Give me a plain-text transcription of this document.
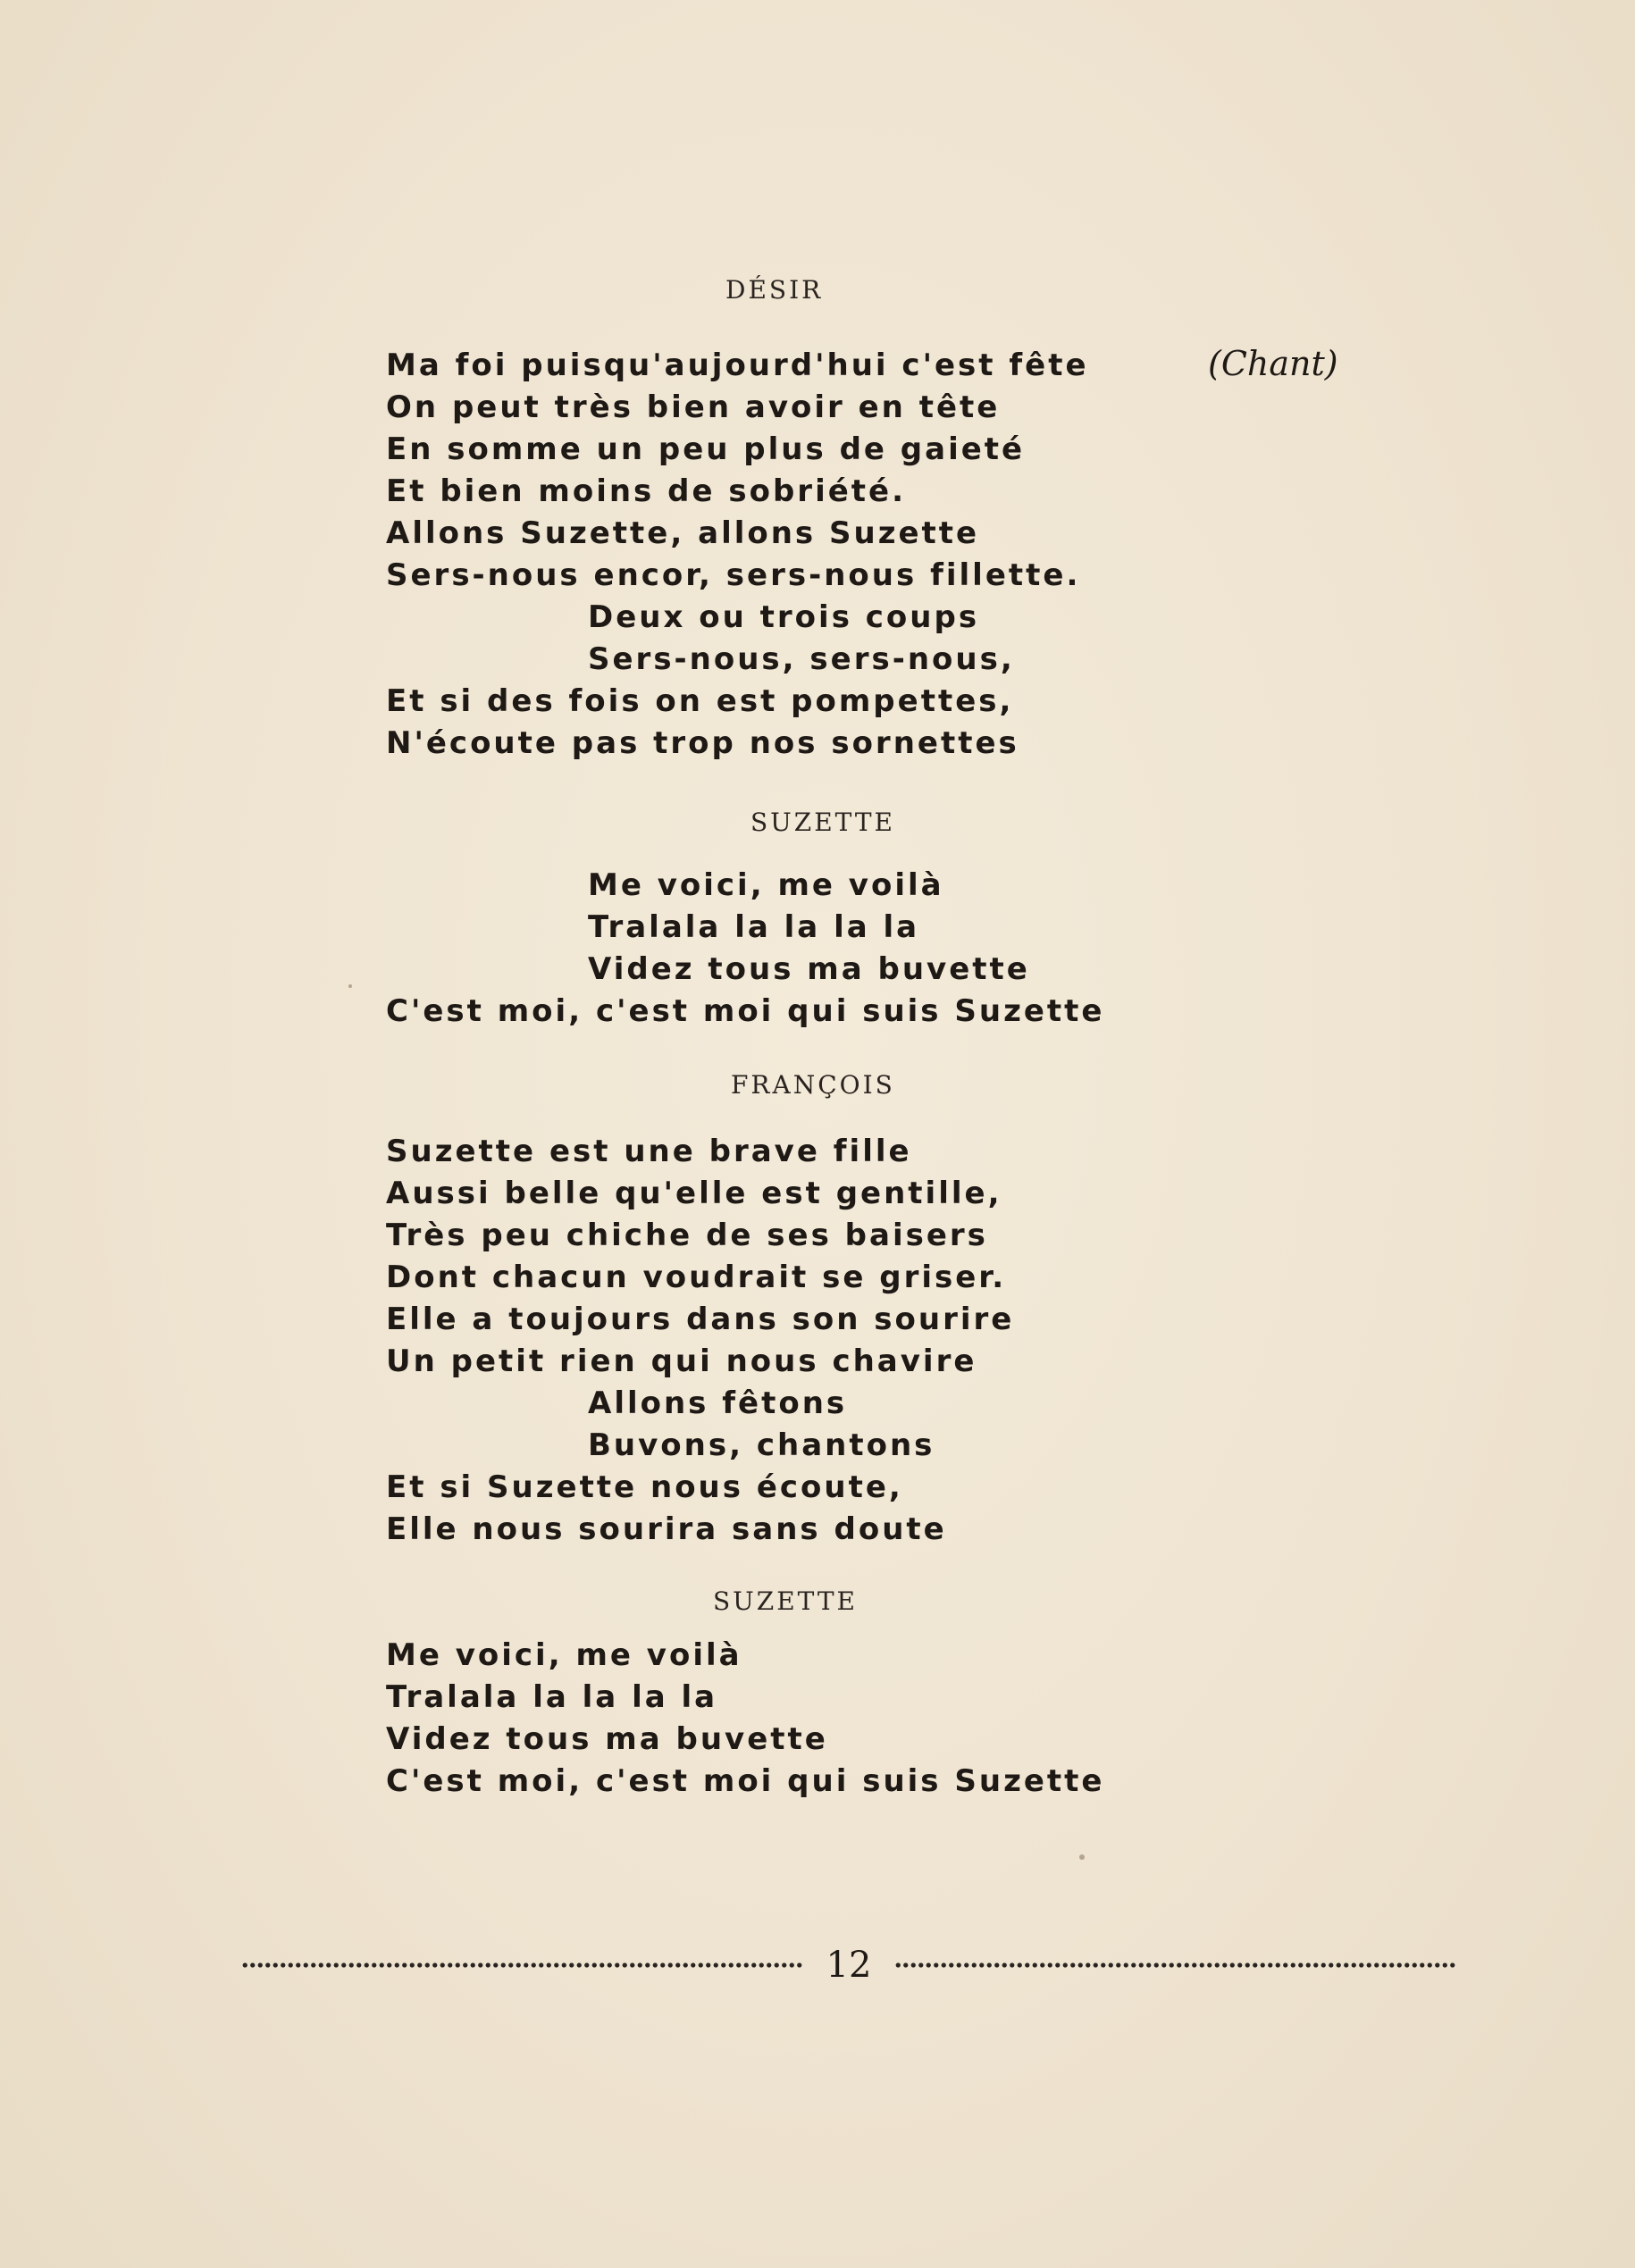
DÉSIR
(Chant)
Ma foi puisqu'aujourd'hui c'est fête
On peut très bien avoir en tête
En somme un peu plus de gaieté
Et bien moins de sobriété.
Allons Suzette, allons Suzette
Sers-nous encor, sers-nous fillette.
Deux ou trois coups
Sers-nous, sers-nous,
Et si des fois on est pompettes,
N'écoute pas trop nos sornettes
SUZETTE
Me voici, me voilà
Tralala la la la la
Videz tous ma buvette
C'est moi, c'est moi qui suis Suzette
FRANÇOIS
Suzette est une brave fille
Aussi belle qu'elle est gentille,
Très peu chiche de ses baisers
Dont chacun voudrait se griser.
Elle a toujours dans son sourire
Un petit rien qui nous chavire
Allons fêtons
Buvons, chantons
Et si Suzette nous écoute,
Elle nous sourira sans doute
SUZETTE
Me voici, me voilà
Tralala la la la la
Videz tous ma buvette
C'est moi, c'est moi qui suis Suzette
12
